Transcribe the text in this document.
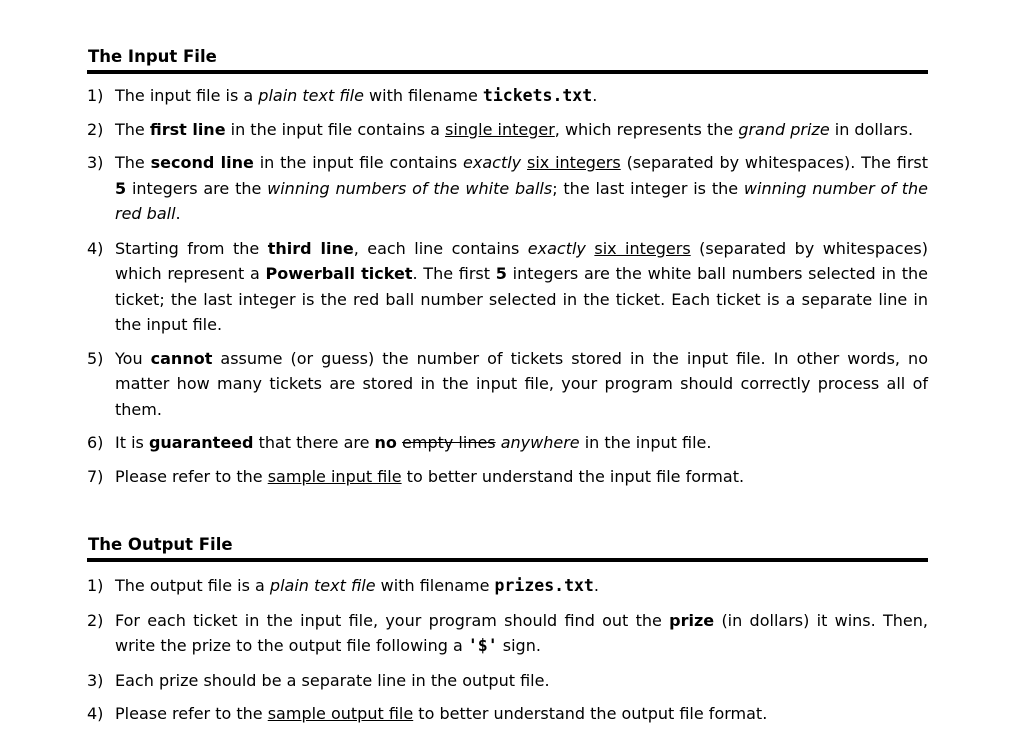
The Input File
1) The input file is a plain text file with filename tickets.txt.
2) The first line in the input file contains a single integer, which represents the grand prize in dollars.
3) The second line in the input file contains exactly six integers (separated by whitespaces). The first 5 integers are the winning numbers of the white balls; the last integer is the winning number of the red ball.
4) Starting from the third line, each line contains exactly six integers (separated by whitespaces) which represent a Powerball ticket. The first 5 integers are the white ball numbers selected in the ticket; the last integer is the red ball number selected in the ticket. Each ticket is a separate line in the input file.
5) You cannot assume (or guess) the number of tickets stored in the input file. In other words, no matter how many tickets are stored in the input file, your program should correctly process all of them.
6) It is guaranteed that there are no empty lines anywhere in the input file.
7) Please refer to the sample input file to better understand the input file format.
The Output File
1) The output file is a plain text file with filename prizes.txt.
2) For each ticket in the input file, your program should find out the prize (in dollars) it wins. Then, write the prize to the output file following a '$' sign.
3) Each prize should be a separate line in the output file.
4) Please refer to the sample output file to better understand the output file format.
